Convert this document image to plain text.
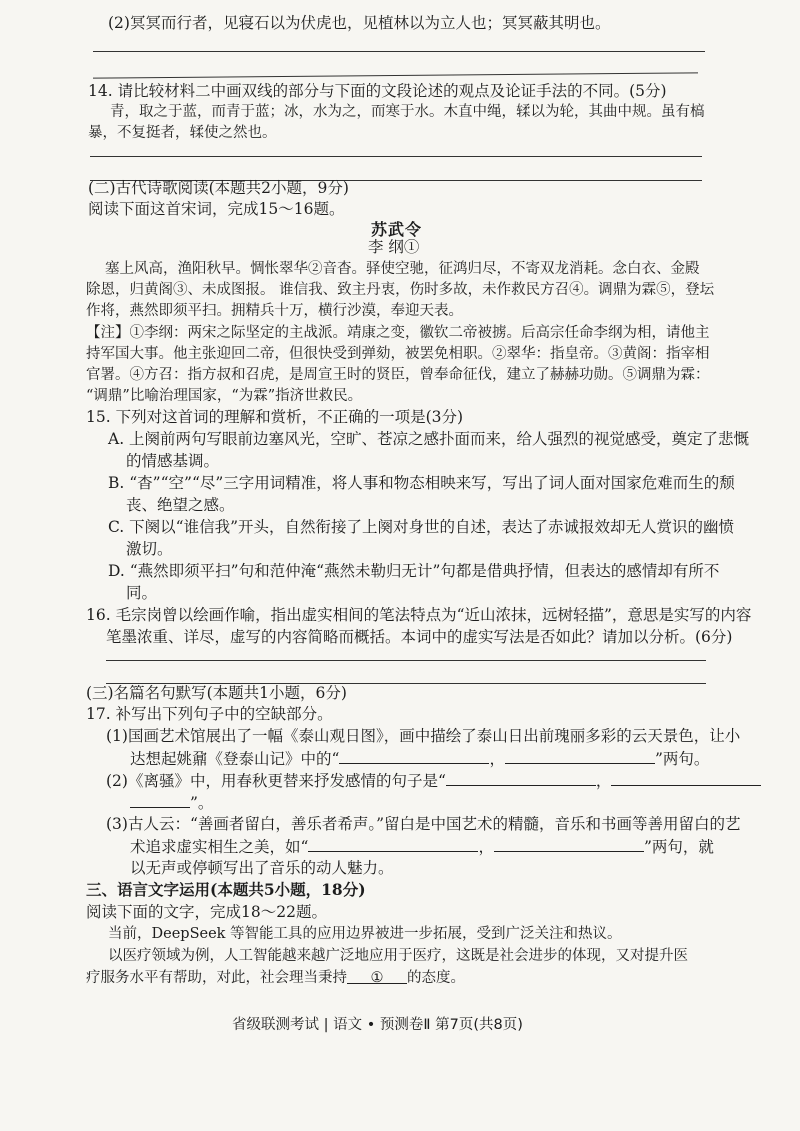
(2)冥冥而行者，见寝石以为伏虎也，见植林以为立人也；冥冥蔽其明也。
14. 请比较材料二中画双线的部分与下面的文段论述的观点及论证手法的不同。(5分)
青，取之于蓝，而青于蓝；冰，水为之，而寒于水。木直中绳，𫐓以为轮，其曲中规。虽有槁
暴，不复挺者，𫐓使之然也。
(二)古代诗歌阅读(本题共2小题，9分)
阅读下面这首宋词，完成15～16题。
苏武令
李 纲①
塞上风高，渔阳秋早。惆怅翠华②音杳。驿使空驰，征鸿归尽，不寄双龙消耗。念白衣、金殿
除恩，归黄阁③、未成图报。 谁信我、致主丹衷，伤时多故，未作救民方召④。调鼎为霖⑤，登坛
作将，燕然即须平扫。拥精兵十万，横行沙漠，奉迎天表。
【注】①李纲：两宋之际坚定的主战派。靖康之变，徽钦二帝被掳。后高宗任命李纲为相，请他主
持军国大事。他主张迎回二帝，但很快受到弹劾，被罢免相职。②翠华：指皇帝。③黄阁：指宰相
官署。④方召：指方叔和召虎，是周宣王时的贤臣，曾奉命征伐，建立了赫赫功勋。⑤调鼎为霖：
“调鼎”比喻治理国家，“为霖”指济世救民。
15. 下列对这首词的理解和赏析，不正确的一项是(3分)
A. 上阕前两句写眼前边塞风光，空旷、苍凉之感扑面而来，给人强烈的视觉感受，奠定了悲慨
的情感基调。
B. “杳”“空”“尽”三字用词精准，将人事和物态相映来写，写出了词人面对国家危难而生的颓
丧、绝望之感。
C. 下阕以“谁信我”开头，自然衔接了上阕对身世的自述，表达了赤诚报效却无人赏识的幽愤
激切。
D. “燕然即须平扫”句和范仲淹“燕然未勒归无计”句都是借典抒情，但表达的感情却有所不
同。
16. 毛宗岗曾以绘画作喻，指出虚实相间的笔法特点为“近山浓抹，远树轻描”，意思是实写的内容
笔墨浓重、详尽，虚写的内容简略而概括。本词中的虚实写法是否如此？请加以分析。(6分)
(三)名篇名句默写(本题共1小题，6分)
17. 补写出下列句子中的空缺部分。
(1)国画艺术馆展出了一幅《泰山观日图》，画中描绘了泰山日出前瑰丽多彩的云天景色，让小
达想起姚鼐《登泰山记》中的“	，	”两句。
(2)《离骚》中，用春秋更替来抒发感情的句子是“	，
”。
(3)古人云：“善画者留白，善乐者希声。”留白是中国艺术的精髓，音乐和书画等善用留白的艺
术追求虚实相生之美，如“	，	”两句，就
以无声或停顿写出了音乐的动人魅力。
三、语言文字运用(本题共5小题，18分)
阅读下面的文字，完成18～22题。
当前，DeepSeek 等智能工具的应用边界被进一步拓展，受到广泛关注和热议。
以医疗领域为例，人工智能越来越广泛地应用于医疗，这既是社会进步的体现，又对提升医
疗服务水平有帮助，对此，社会理当秉持 ① 的态度。
省级联测考试 | 语文 • 预测卷Ⅱ 第7页(共8页)
